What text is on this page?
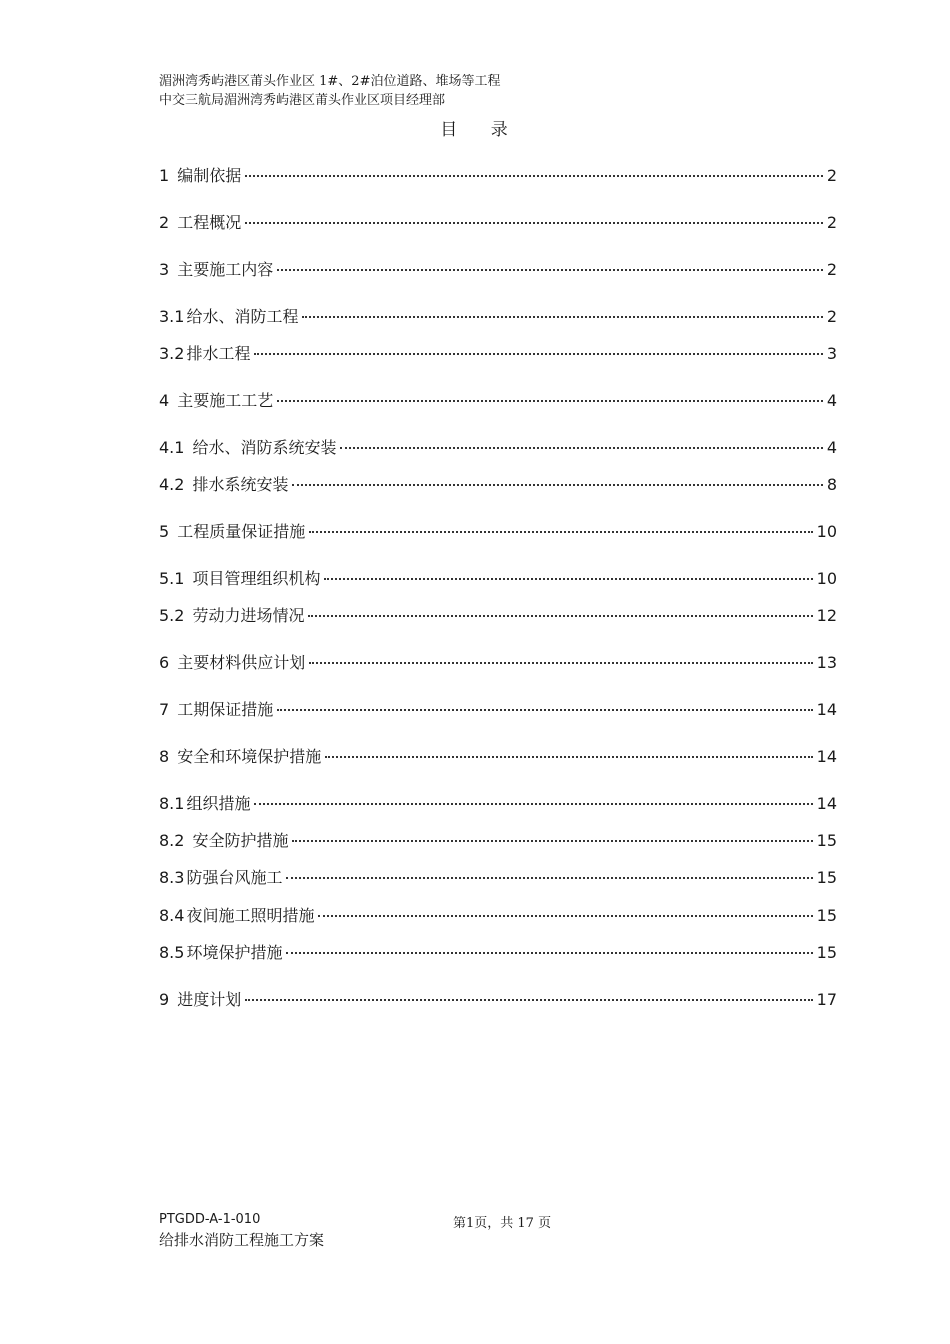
湄洲湾秀屿港区莆头作业区 1#、2#泊位道路、堆场等工程
中交三航局湄洲湾秀屿港区莆头作业区项目经理部
目 录
1 编制依据	2
2 工程概况	2
3 主要施工内容	2
3.1 给水、消防工程	2
3.2 排水工程	3
4 主要施工工艺	4
4.1 给水、消防系统安装	4
4.2 排水系统安装	8
5 工程质量保证措施	10
5.1 项目管理组织机构	10
5.2 劳动力进场情况	12
6 主要材料供应计划	13
7 工期保证措施	14
8 安全和环境保护措施	14
8.1 组织措施	14
8.2 安全防护措施	15
8.3 防强台风施工	15
8.4 夜间施工照明措施	15
8.5 环境保护措施	15
9 进度计划	17
PTGDD-A-1-010	第1页，共 17 页
给排水消防工程施工方案
